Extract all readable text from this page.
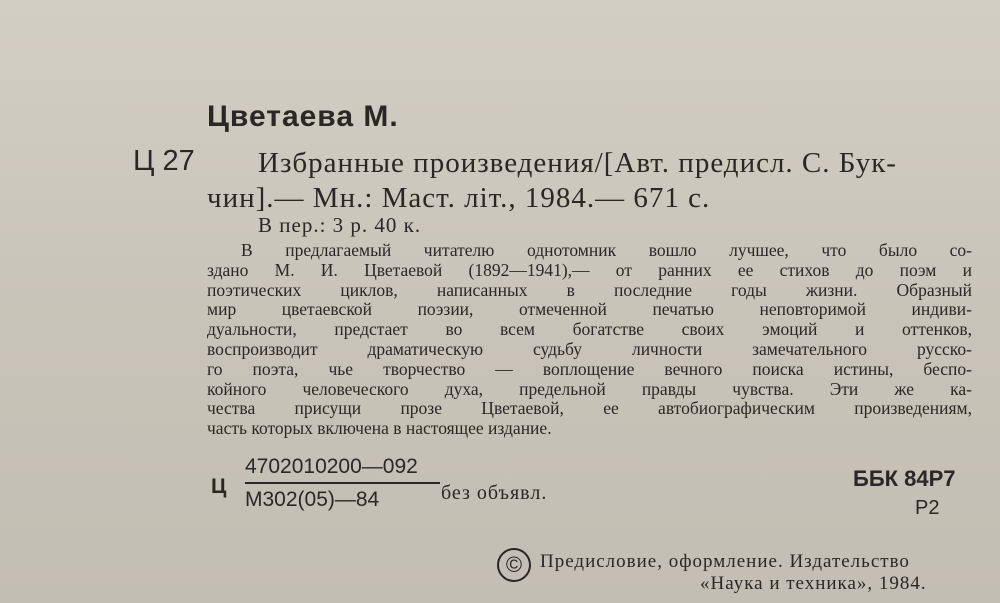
Цветаева М.
Ц 27 Избранные произведения/[Авт. предисл. С. Бук-
чин].— Мн.: Маст. літ., 1984.— 671 с.
В пер.: 3 р. 40 к.
В предлагаемый читателю однотомник вошло лучшее, что было со-
здано М. И. Цветаевой (1892—1941),— от ранних ее стихов до поэм и
поэтических циклов, написанных в последние годы жизни. Образный
мир цветаевской поэзии, отмеченной печатью неповторимой индиви-
дуальности, предстает во всем богатстве своих эмоций и оттенков,
воспроизводит драматическую судьбу личности замечательного русско-
го поэта, чье творчество — воплощение вечного поиска истины, беспо-
койного человеческого духа, предельной правды чувства. Эти же ка-
чества присущи прозе Цветаевой, ее автобиографическим произведениям,
часть которых включена в настоящее издание.
Ц
4702010200—092
М302(05)—84	без объявл.
ББК 84Р7
Р2
© Предисловие, оформление. Издательство
«Наука и техника», 1984.
